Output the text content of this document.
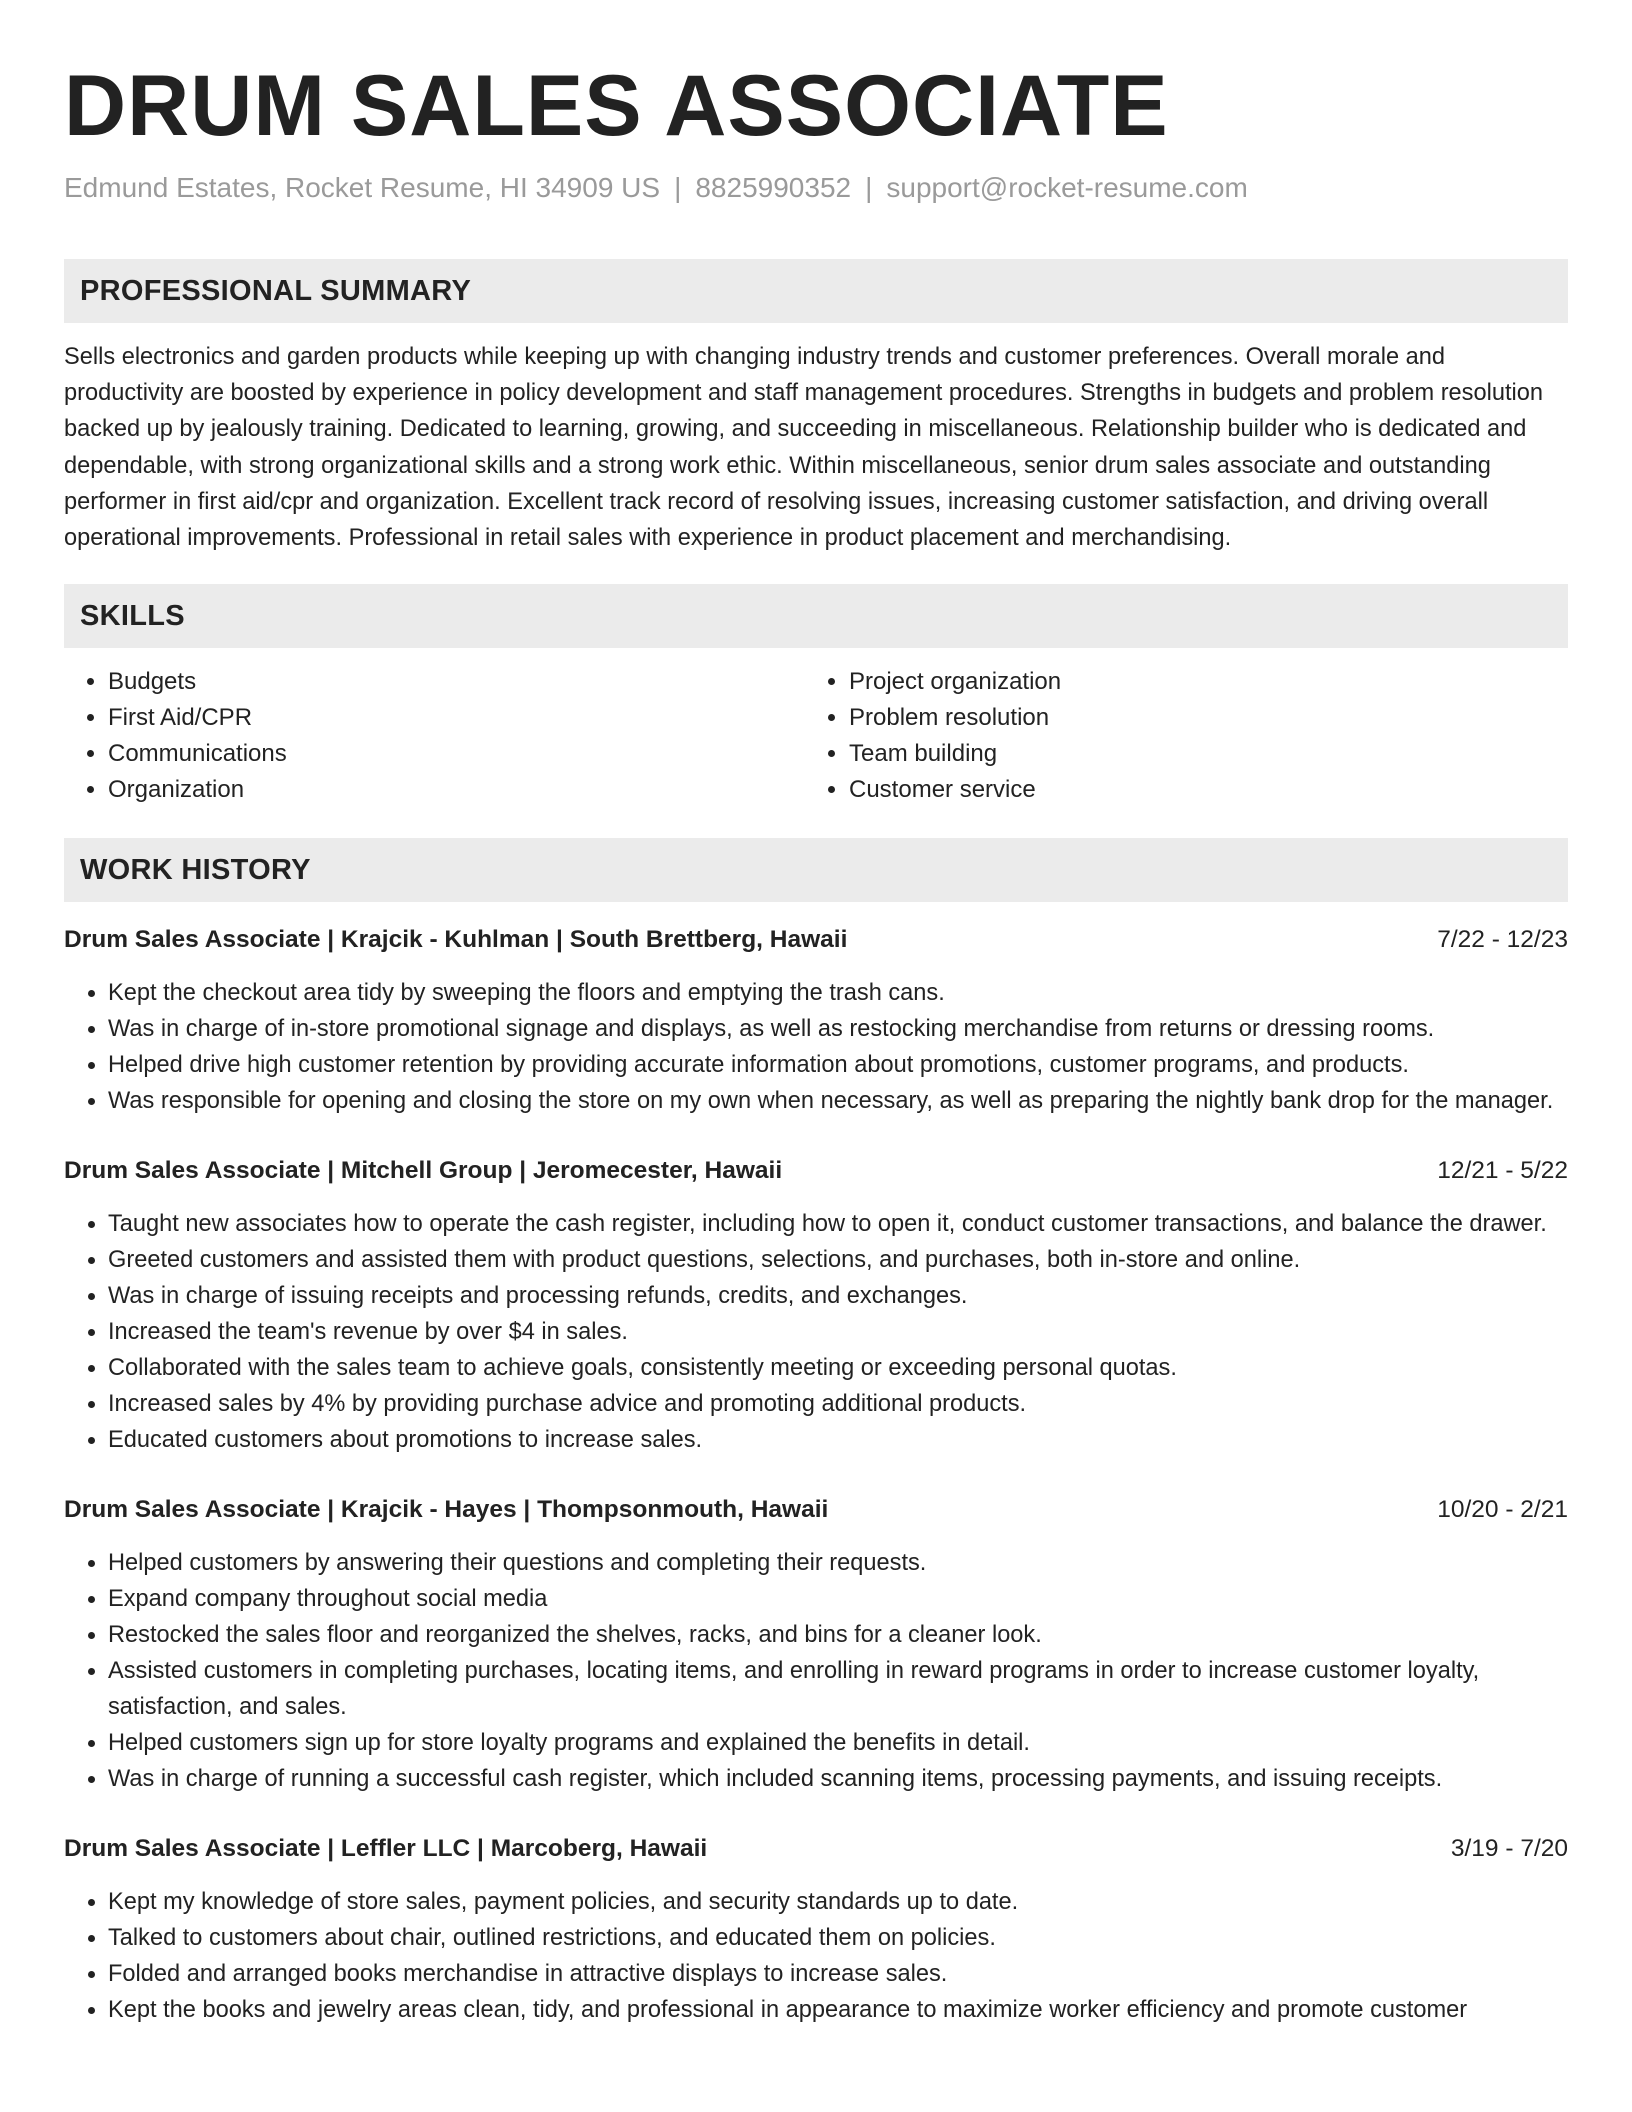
DRUM SALES ASSOCIATE
Edmund Estates, Rocket Resume, HI 34909 US | 8825990352 | support@rocket-resume.com
PROFESSIONAL SUMMARY

Sells electronics and garden products while keeping up with changing industry trends and customer preferences. Overall morale and productivity are boosted by experience in policy development and staff management procedures. Strengths in budgets and problem resolution backed up by jealously training. Dedicated to learning, growing, and succeeding in miscellaneous. Relationship builder who is dedicated and dependable, with strong organizational skills and a strong work ethic. Within miscellaneous, senior drum sales associate and outstanding performer in first aid/cpr and organization. Excellent track record of resolving issues, increasing customer satisfaction, and driving overall operational improvements. Professional in retail sales with experience in product placement and merchandising.

SKILLS
• Budgets
• First Aid/CPR
• Communications
• Organization
• Project organization
• Problem resolution
• Team building
• Customer service
WORK HISTORY
Drum Sales Associate | Krajcik - Kuhlman | South Brettberg, Hawaii	7/22 - 12/23
• Kept the checkout area tidy by sweeping the floors and emptying the trash cans.
• Was in charge of in-store promotional signage and displays, as well as restocking merchandise from returns or dressing rooms.
• Helped drive high customer retention by providing accurate information about promotions, customer programs, and products.
• Was responsible for opening and closing the store on my own when necessary, as well as preparing the nightly bank drop for the manager.
Drum Sales Associate | Mitchell Group | Jeromecester, Hawaii	12/21 - 5/22
• Taught new associates how to operate the cash register, including how to open it, conduct customer transactions, and balance the drawer.
• Greeted customers and assisted them with product questions, selections, and purchases, both in-store and online.
• Was in charge of issuing receipts and processing refunds, credits, and exchanges.
• Increased the team's revenue by over $4 in sales.
• Collaborated with the sales team to achieve goals, consistently meeting or exceeding personal quotas.
• Increased sales by 4% by providing purchase advice and promoting additional products.
• Educated customers about promotions to increase sales.
Drum Sales Associate | Krajcik - Hayes | Thompsonmouth, Hawaii	10/20 - 2/21
• Helped customers by answering their questions and completing their requests.
• Expand company throughout social media
• Restocked the sales floor and reorganized the shelves, racks, and bins for a cleaner look.
• Assisted customers in completing purchases, locating items, and enrolling in reward programs in order to increase customer loyalty, satisfaction, and sales.
• Helped customers sign up for store loyalty programs and explained the benefits in detail.
• Was in charge of running a successful cash register, which included scanning items, processing payments, and issuing receipts.
Drum Sales Associate | Leffler LLC | Marcoberg, Hawaii	3/19 - 7/20
• Kept my knowledge of store sales, payment policies, and security standards up to date.
• Talked to customers about chair, outlined restrictions, and educated them on policies.
• Folded and arranged books merchandise in attractive displays to increase sales.
• Kept the books and jewelry areas clean, tidy, and professional in appearance to maximize worker efficiency and promote customer
